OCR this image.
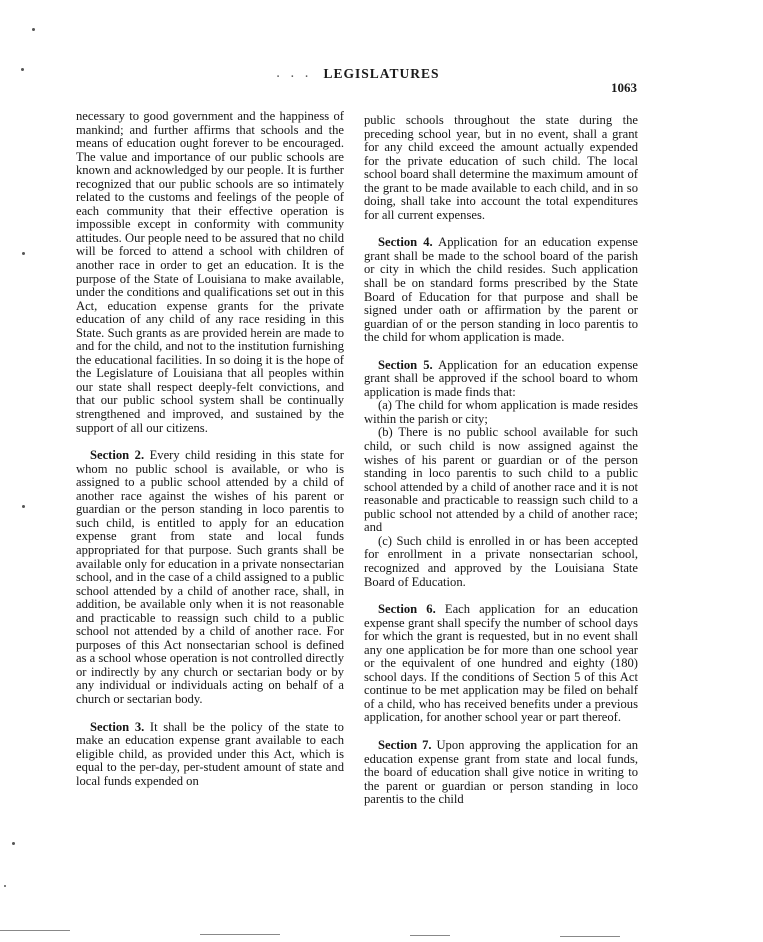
. . . LEGISLATURES
1063

necessary to good government and the happiness of mankind; and further affirms that schools and the means of education ought forever to be encouraged. The value and importance of our public schools are known and acknowledged by our people. It is further recognized that our public schools are so intimately related to the customs and feelings of the people of each community that their effective operation is impossible except in conformity with community attitudes. Our people need to be assured that no child will be forced to attend a school with children of another race in order to get an education. It is the purpose of the State of Louisiana to make available, under the conditions and qualifications set out in this Act, education expense grants for the private education of any child of any race residing in this State. Such grants as are provided herein are made to and for the child, and not to the institution furnishing the educational facilities. In so doing it is the hope of the Legislature of Louisiana that all peoples within our state shall respect deeply-felt convictions, and that our public school system shall be continually strengthened and improved, and sustained by the support of all our citizens.

Section 2. Every child residing in this state for whom no public school is available, or who is assigned to a public school attended by a child of another race against the wishes of his parent or guardian or the person standing in loco parentis to such child, is entitled to apply for an education expense grant from state and local funds appropriated for that purpose. Such grants shall be available only for education in a private nonsectarian school, and in the case of a child assigned to a public school attended by a child of another race, shall, in addition, be available only when it is not reasonable and practicable to reassign such child to a public school not attended by a child of another race. For purposes of this Act nonsectarian school is defined as a school whose operation is not controlled directly or indirectly by any church or sectarian body or by any individual or individuals acting on behalf of a church or sectarian body.

Section 3. It shall be the policy of the state to make an education expense grant available to each eligible child, as provided under this Act, which is equal to the per-day, per-student amount of state and local funds expended on

public schools throughout the state during the preceding school year, but in no event, shall a grant for any child exceed the amount actually expended for the private education of such child. The local school board shall determine the maximum amount of the grant to be made available to each child, and in so doing, shall take into account the total expenditures for all current expenses.

Section 4. Application for an education expense grant shall be made to the school board of the parish or city in which the child resides. Such application shall be on standard forms prescribed by the State Board of Education for that purpose and shall be signed under oath or affirmation by the parent or guardian of or the person standing in loco parentis to the child for whom application is made.

Section 5. Application for an education expense grant shall be approved if the school board to whom application is made finds that:

(a) The child for whom application is made resides within the parish or city;

(b) There is no public school available for such child, or such child is now assigned against the wishes of his parent or guardian or of the person standing in loco parentis to such child to a public school attended by a child of another race and it is not reasonable and practicable to reassign such child to a public school not attended by a child of another race; and

(c) Such child is enrolled in or has been accepted for enrollment in a private nonsectarian school, recognized and approved by the Louisiana State Board of Education.

Section 6. Each application for an education expense grant shall specify the number of school days for which the grant is requested, but in no event shall any one application be for more than one school year or the equivalent of one hundred and eighty (180) school days. If the conditions of Section 5 of this Act continue to be met application may be filed on behalf of a child, who has received benefits under a previous application, for another school year or part thereof.

Section 7. Upon approving the application for an education expense grant from state and local funds, the board of education shall give notice in writing to the parent or guardian or person standing in loco parentis to the child
